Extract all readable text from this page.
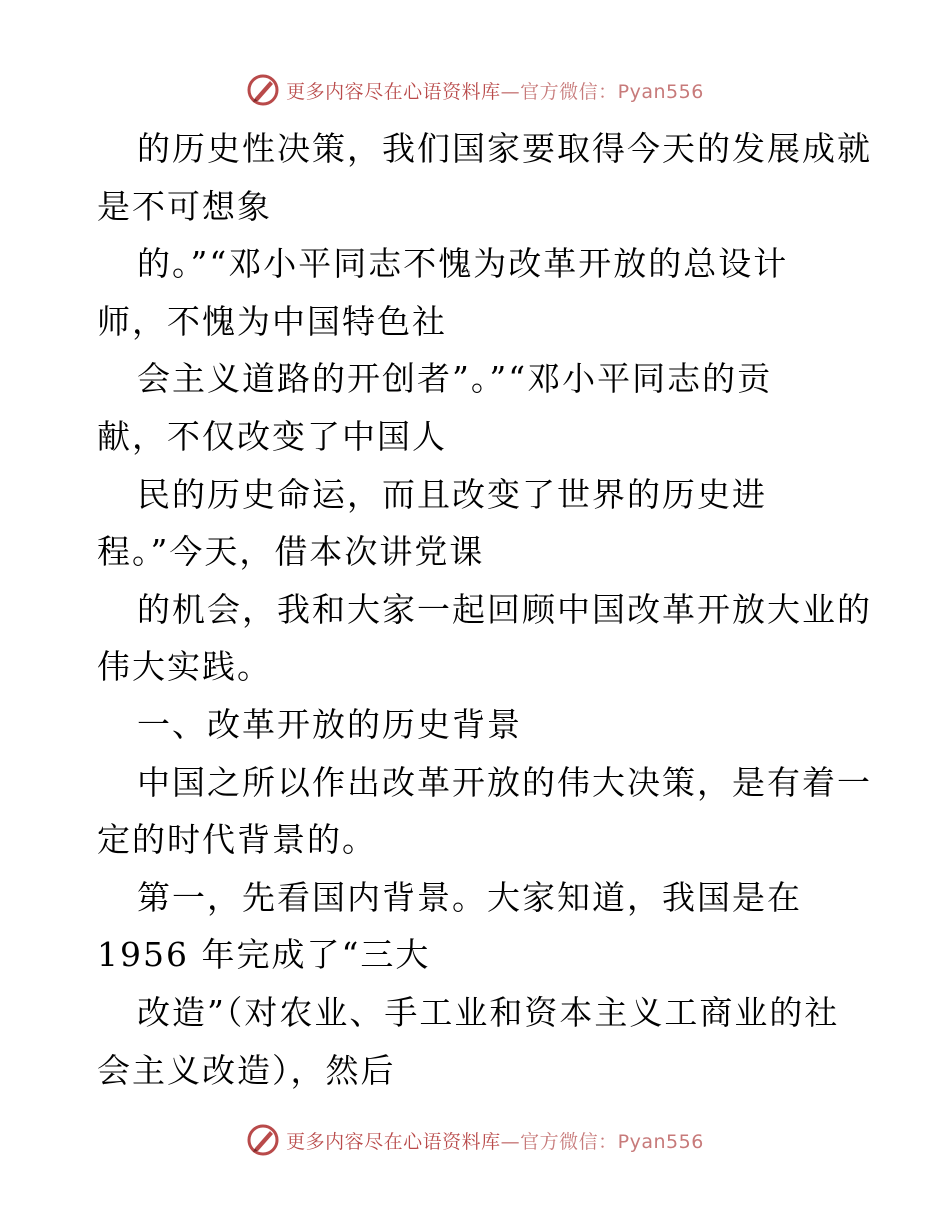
更多内容尽在心语资料库—官方微信：Pyan556
的历史性决策，我们国家要取得今天的发展成就
是不可想象
的。”“邓小平同志不愧为改革开放的总设计
师，不愧为中国特色社
会主义道路的开创者”。”“邓小平同志的贡
献，不仅改变了中国人
民的历史命运，而且改变了世界的历史进
程。”今天，借本次讲党课
的机会，我和大家一起回顾中国改革开放大业的
伟大实践。
一、改革开放的历史背景
中国之所以作出改革开放的伟大决策，是有着一
定的时代背景的。
第一，先看国内背景。大家知道，我国是在
1956 年完成了“三大
改造”（对农业、手工业和资本主义工商业的社
会主义改造），然后
更多内容尽在心语资料库—官方微信：Pyan556
